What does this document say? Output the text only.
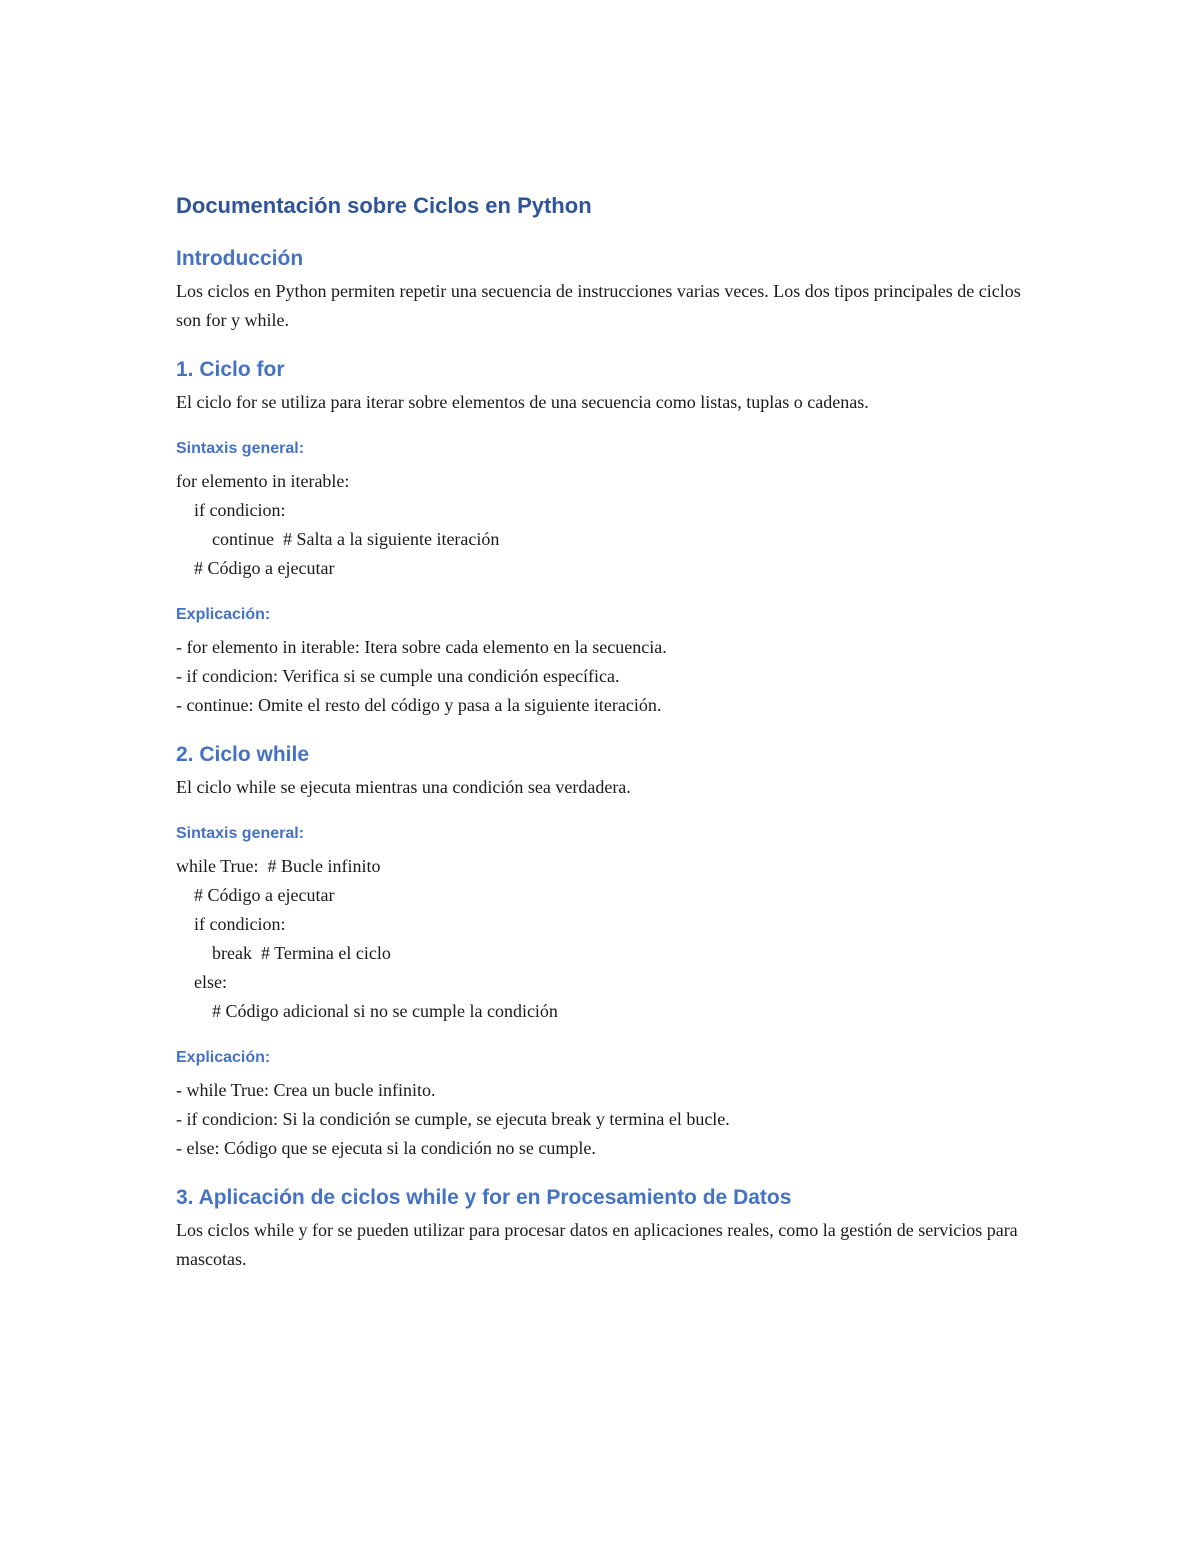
Documentación sobre Ciclos en Python
Introducción

Los ciclos en Python permiten repetir una secuencia de instrucciones varias veces. Los dos tipos principales de ciclos son for y while.

1. Ciclo for

El ciclo for se utiliza para iterar sobre elementos de una secuencia como listas, tuplas o cadenas.

Sintaxis general:
for elemento in iterable:
if condicion:
continue  # Salta a la siguiente iteración
# Código a ejecutar
Explicación:
- for elemento in iterable: Itera sobre cada elemento en la secuencia.
- if condicion: Verifica si se cumple una condición específica.
- continue: Omite el resto del código y pasa a la siguiente iteración.
2. Ciclo while

El ciclo while se ejecuta mientras una condición sea verdadera.

Sintaxis general:
while True:  # Bucle infinito
# Código a ejecutar
if condicion:
break  # Termina el ciclo
else:
# Código adicional si no se cumple la condición
Explicación:
- while True: Crea un bucle infinito.
- if condicion: Si la condición se cumple, se ejecuta break y termina el bucle.
- else: Código que se ejecuta si la condición no se cumple.
3. Aplicación de ciclos while y for en Procesamiento de Datos

Los ciclos while y for se pueden utilizar para procesar datos en aplicaciones reales, como la gestión de servicios para mascotas.
